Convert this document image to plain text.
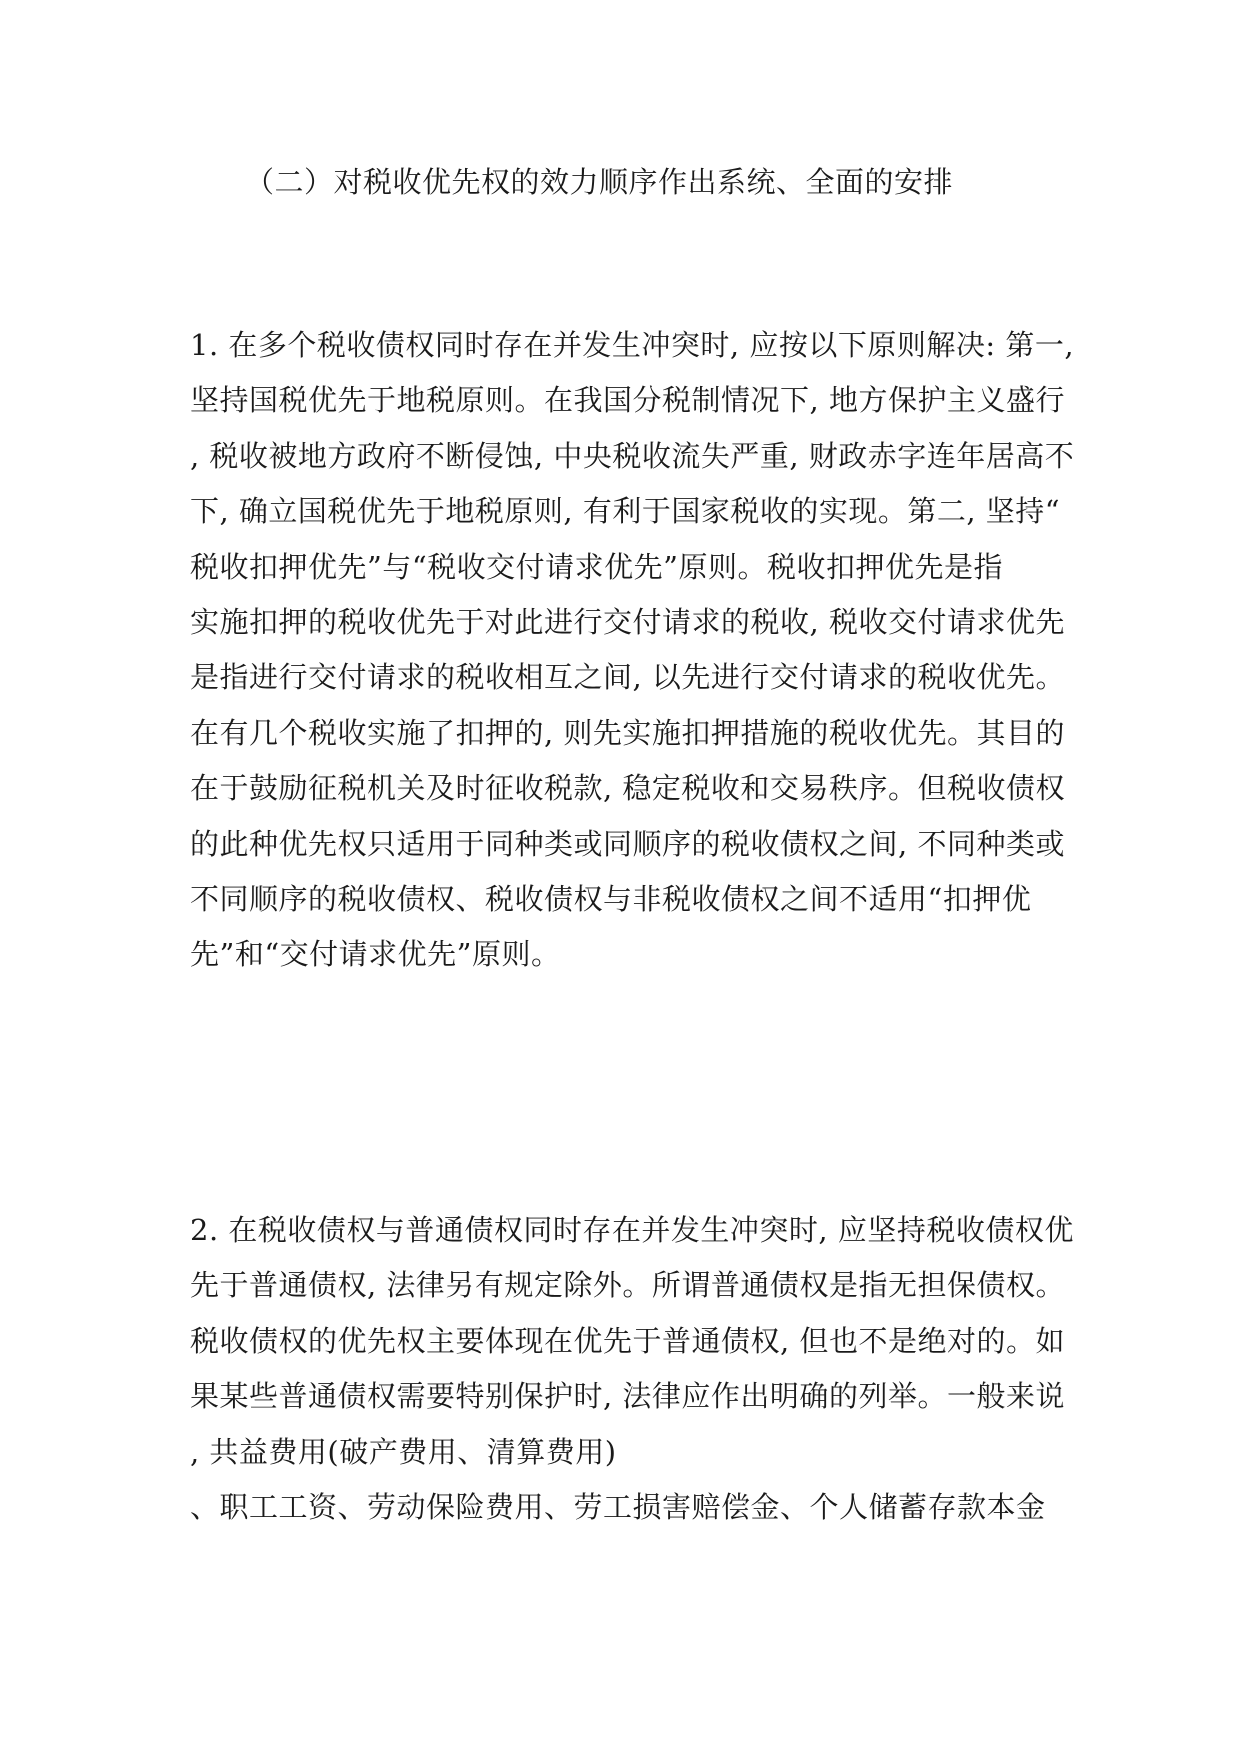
（二）对税收优先权的效力顺序作出系统、全面的安排
1. 在多个税收债权同时存在并发生冲突时, 应按以下原则解决: 第一,
坚持国税优先于地税原则。在我国分税制情况下, 地方保护主义盛行
, 税收被地方政府不断侵蚀, 中央税收流失严重, 财政赤字连年居高不
下, 确立国税优先于地税原则, 有利于国家税收的实现。第二, 坚持“
税收扣押优先”与“税收交付请求优先”原则。税收扣押优先是指
实施扣押的税收优先于对此进行交付请求的税收, 税收交付请求优先
是指进行交付请求的税收相互之间, 以先进行交付请求的税收优先。
在有几个税收实施了扣押的, 则先实施扣押措施的税收优先。其目的
在于鼓励征税机关及时征收税款, 稳定税收和交易秩序。但税收债权
的此种优先权只适用于同种类或同顺序的税收债权之间, 不同种类或
不同顺序的税收债权、税收债权与非税收债权之间不适用“扣押优
先”和“交付请求优先”原则。
2. 在税收债权与普通债权同时存在并发生冲突时, 应坚持税收债权优
先于普通债权, 法律另有规定除外。所谓普通债权是指无担保债权。
税收债权的优先权主要体现在优先于普通债权, 但也不是绝对的。如
果某些普通债权需要特别保护时, 法律应作出明确的列举。一般来说
, 共益费用(破产费用、清算费用)
、职工工资、劳动保险费用、劳工损害赔偿金、个人储蓄存款本金
